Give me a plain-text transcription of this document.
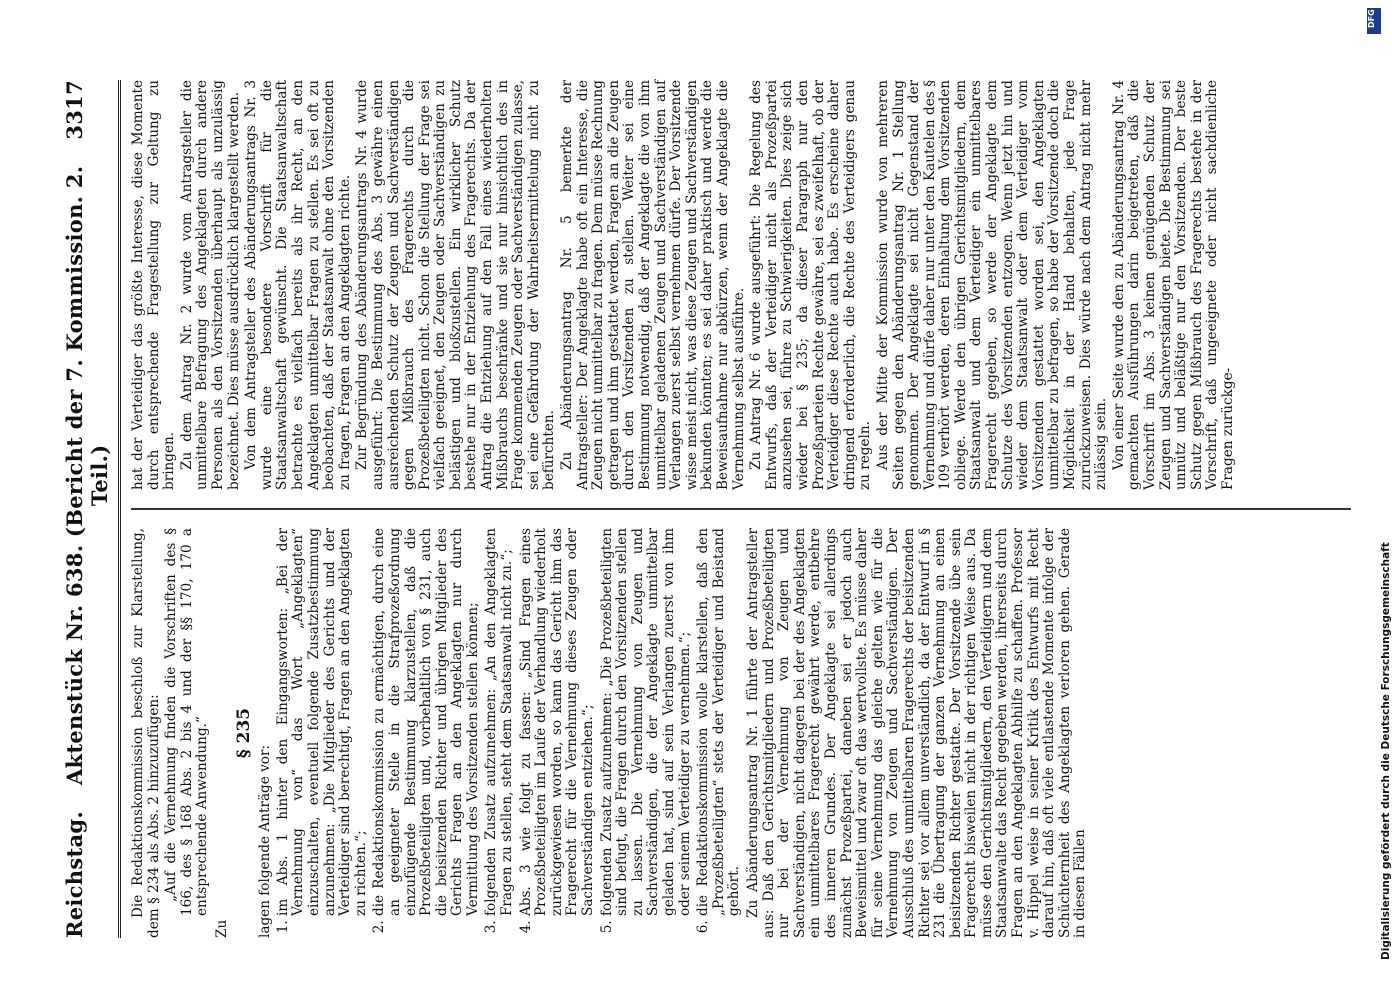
Reichstag.
Aktenstück Nr. 638. (Bericht der 7. Kommission. 2. Teil.)
3317

Die Redaktionskommission beschloß zur Klarstellung, dem § 234 als Abs. 2 hinzuzufügen: „Auf die Vernehmung finden die Vorschriften des § 166, des § 168 Abs. 2 bis 4 und der §§ 170, 170 a entsprechende Anwendung.“

Zu

§ 235

lagen folgende Anträge vor: 1. im Abs. 1 hinter den Eingangsworten: „Bei der Vernehmung von“ das Wort „Angeklagten“ einzuschalten, eventuell folgende Zusatzbestimmung anzunehmen: „Die Mitglieder des Gerichts und der Verteidiger sind berechtigt, Fragen an den Angeklagten zu richten.“; 2. die Redaktionskommission zu ermächtigen, durch eine an geeigneter Stelle in die Strafprozeßordnung einzufügende Bestimmung klarzustellen, daß die Prozeßbeteiligten und, vorbehaltlich von § 231, auch die beisitzenden Richter und übrigen Mitglieder des Gerichts Fragen an den Angeklagten nur durch Vermittlung des Vorsitzenden stellen können; 3. folgenden Zusatz aufzunehmen: „An den Angeklagten Fragen zu stellen, steht dem Staatsanwalt nicht zu.“; 4. Abs. 3 wie folgt zu fassen: „Sind Fragen eines Prozeßbeteiligten im Laufe der Verhandlung wiederholt zurückgewiesen worden, so kann das Gericht ihm das Fragerecht für die Vernehmung dieses Zeugen oder Sachverständigen entziehen.“; 5. folgenden Zusatz aufzunehmen: „Die Prozeßbeteiligten sind befugt, die Fragen durch den Vorsitzenden stellen zu lassen. Die Vernehmung von Zeugen und Sachverständigen, die der Angeklagte unmittelbar geladen hat, sind auf sein Verlangen zuerst von ihm oder seinem Verteidiger zu vernehmen.“; 6. die Redaktionskommission wolle klarstellen, daß den „Prozeßbeteiligten“ stets der Verteidiger und Beistand gehört. Zu Abänderungsantrag Nr. 1 führte der Antragsteller aus: Daß den Gerichtsmitgliedern und Prozeßbeteiligten nur bei der Vernehmung von Zeugen und Sachverständigen, nicht dagegen bei der des Angeklagten ein unmittelbares Fragerecht gewährt werde, entbehre des inneren Grundes. Der Angeklagte sei allerdings zunächst Prozeßpartei, daneben sei er jedoch auch Beweismittel und zwar oft das wertvollste. Es müsse daher für seine Vernehmung das gleiche gelten wie für die Vernehmung von Zeugen und Sachverständigen. Der Ausschluß des unmittelbaren Fragerechts der beisitzenden Richter sei vor allem unverständlich, da der Entwurf in § 231 die Übertragung der ganzen Vernehmung an einen beisitzenden Richter gestatte. Der Vorsitzende übe sein Fragerecht bisweilen nicht in der richtigen Weise aus. Da müsse den Gerichtsmitgliedern, den Verteidigern und dem Staatsanwalte das Recht gegeben werden, ihrerseits durch Fragen an den Angeklagten Abhilfe zu schaffen. Professor v. Hippel weise in seiner Kritik des Entwurfs mit Recht darauf hin, daß oft viele entlastende Momente infolge der Schüchternheit des Angeklagten verloren gehen. Gerade in diesen Fällen

hat der Verteidiger das größte Interesse, diese Momente durch entsprechende Fragestellung zur Geltung zu bringen. Zu dem Antrag Nr. 2 wurde vom Antragsteller die unmittelbare Befragung des Angeklagten durch andere Personen als den Vorsitzenden überhaupt als unzulässig bezeichnet. Dies müsse ausdrücklich klargestellt werden. Von dem Antragsteller des Abänderungsantrags Nr. 3 wurde eine besondere Vorschrift für die Staatsanwaltschaft gewünscht. Die Staatsanwaltschaft betrachte es vielfach bereits als ihr Recht, an den Angeklagten unmittelbar Fragen zu stellen. Es sei oft zu beobachten, daß der Staatsanwalt ohne den Vorsitzenden zu fragen, Fragen an den Angeklagten richte. Zur Begründung des Abänderungsantrags Nr. 4 wurde ausgeführt: Die Bestimmung des Abs. 3 gewähre einen ausreichenden Schutz der Zeugen und Sachverständigen gegen Mißbrauch des Fragerechts durch die Prozeßbeteiligten nicht. Schon die Stellung der Frage sei vielfach geeignet, den Zeugen oder Sachverständigen zu belästigen und bloßzustellen. Ein wirklicher Schutz bestehe nur in der Entziehung des Fragerechts. Da der Antrag die Entziehung auf den Fall eines wiederholten Mißbrauchs beschränke und sie nur hinsichtlich des in Frage kommenden Zeugen oder Sachverständigen zulasse, sei eine Gefährdung der Wahrheitsermittelung nicht zu befürchten. Zu Abänderungsantrag Nr. 5 bemerkte der Antragsteller: Der Angeklagte habe oft ein Interesse, die Zeugen nicht unmittelbar zu fragen. Dem müsse Rechnung getragen und ihm gestattet werden, Fragen an die Zeugen durch den Vorsitzenden zu stellen. Weiter sei eine Bestimmung notwendig, daß der Angeklagte die von ihm unmittelbar geladenen Zeugen und Sachverständigen auf Verlangen zuerst selbst vernehmen dürfe. Der Vorsitzende wisse meist nicht, was diese Zeugen und Sachverständigen bekunden könnten; es sei daher praktisch und werde die Beweisaufnahme nur abkürzen, wenn der Angeklagte die Vernehmung selbst ausführe. Zu Antrag Nr. 6 wurde ausgeführt: Die Regelung des Entwurfs, daß der Verteidiger nicht als Prozeßpartei anzusehen sei, führe zu Schwierigkeiten. Dies zeige sich wieder bei § 235; da dieser Paragraph nur den Prozeßparteien Rechte gewähre, sei es zweifelhaft, ob der Verteidiger diese Rechte auch habe. Es erscheine daher dringend erforderlich, die Rechte des Verteidigers genau zu regeln. Aus der Mitte der Kommission wurde von mehreren Seiten gegen den Abänderungsantrag Nr. 1 Stellung genommen. Der Angeklagte sei nicht Gegenstand der Vernehmung und dürfe daher nur unter den Kautelen des § 109 verhört werden, deren Einhaltung dem Vorsitzenden obliege. Werde den übrigen Gerichtsmitgliedern, dem Staatsanwalt und dem Verteidiger ein unmittelbares Fragerecht gegeben, so werde der Angeklagte dem Schutze des Vorsitzenden entzogen. Wenn jetzt hin und wieder dem Staatsanwalt oder dem Verteidiger vom Vorsitzenden gestattet worden sei, den Angeklagten unmittelbar zu befragen, so habe der Vorsitzende doch die Möglichkeit in der Hand behalten, jede Frage zurückzuweisen. Dies würde nach dem Antrag nicht mehr zulässig sein. Von einer Seite wurde den zu Abänderungsantrag Nr. 4 gemachten Ausführungen darin beigetreten, daß die Vorschrift im Abs. 3 keinen genügenden Schutz der Zeugen und Sachverständigen biete. Die Bestimmung sei unnütz und beläßtige nur den Vorsitzenden. Der beste Schutz gegen Mißbrauch des Fragerechts bestehe in der Vorschrift, daß ungeeignete oder nicht sachdienliche Fragen zurückge-

DFG
Digitalisierung gefördert durch die Deutsche Forschungsgemeinschaft
